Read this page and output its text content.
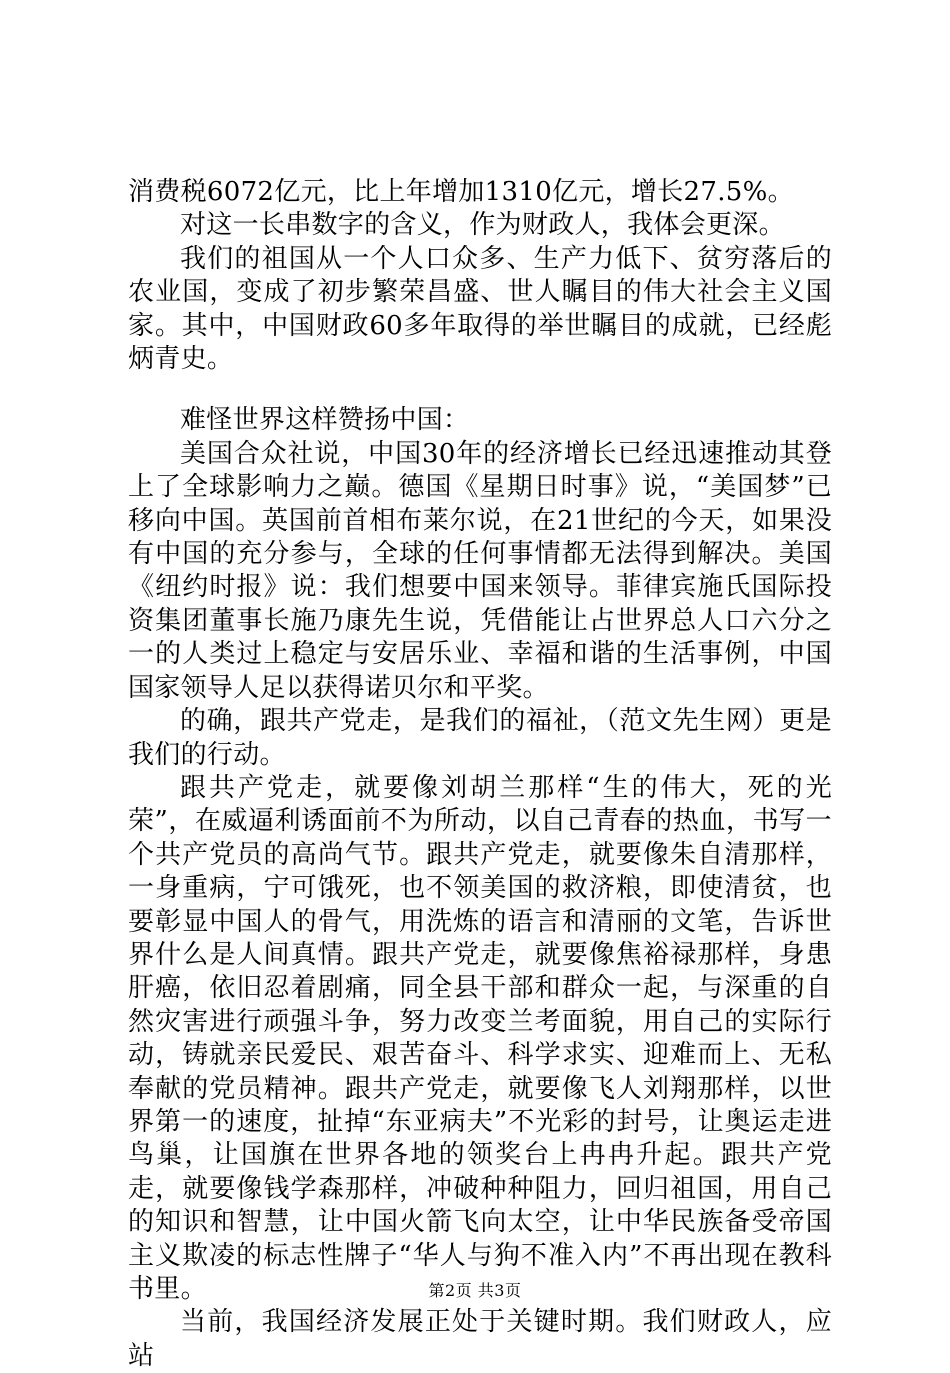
消费税6072亿元，比上年增加1310亿元，增长27.5%。

对这一长串数字的含义，作为财政人，我体会更深。

我们的祖国从一个人口众多、生产力低下、贫穷落后的农业国，变成了初步繁荣昌盛、世人瞩目的伟大社会主义国家。其中，中国财政60多年取得的举世瞩目的成就，已经彪炳青史。

难怪世界这样赞扬中国：

美国合众社说，中国30年的经济增长已经迅速推动其登上了全球影响力之巅。德国《星期日时事》说，“美国梦”已移向中国。英国前首相布莱尔说，在21世纪的今天，如果没有中国的充分参与，全球的任何事情都无法得到解决。美国《纽约时报》说：我们想要中国来领导。菲律宾施氏国际投资集团董事长施乃康先生说，凭借能让占世界总人口六分之一的人类过上稳定与安居乐业、幸福和谐的生活事例，中国国家领导人足以获得诺贝尔和平奖。

的确，跟共产党走，是我们的福祉，（范文先生网）更是我们的行动。

跟共产党走，就要像刘胡兰那样“生的伟大，死的光荣”，在威逼利诱面前不为所动，以自己青春的热血，书写一个共产党员的高尚气节。跟共产党走，就要像朱自清那样，一身重病，宁可饿死，也不领美国的救济粮，即使清贫，也要彰显中国人的骨气，用洗炼的语言和清丽的文笔，告诉世界什么是人间真情。跟共产党走，就要像焦裕禄那样，身患肝癌，依旧忍着剧痛，同全县干部和群众一起，与深重的自然灾害进行顽强斗争，努力改变兰考面貌，用自己的实际行动，铸就亲民爱民、艰苦奋斗、科学求实、迎难而上、无私奉献的党员精神。跟共产党走，就要像飞人刘翔那样，以世界第一的速度，扯掉“东亚病夫”不光彩的封号，让奥运走进鸟巢，让国旗在世界各地的领奖台上冉冉升起。跟共产党走，就要像钱学森那样，冲破种种阻力，回归祖国，用自己的知识和智慧，让中国火箭飞向太空，让中华民族备受帝国主义欺凌的标志性牌子“华人与狗不准入内”不再出现在教科书里。

当前，我国经济发展正处于关键时期。我们财政人，应站

第2页 共3页
